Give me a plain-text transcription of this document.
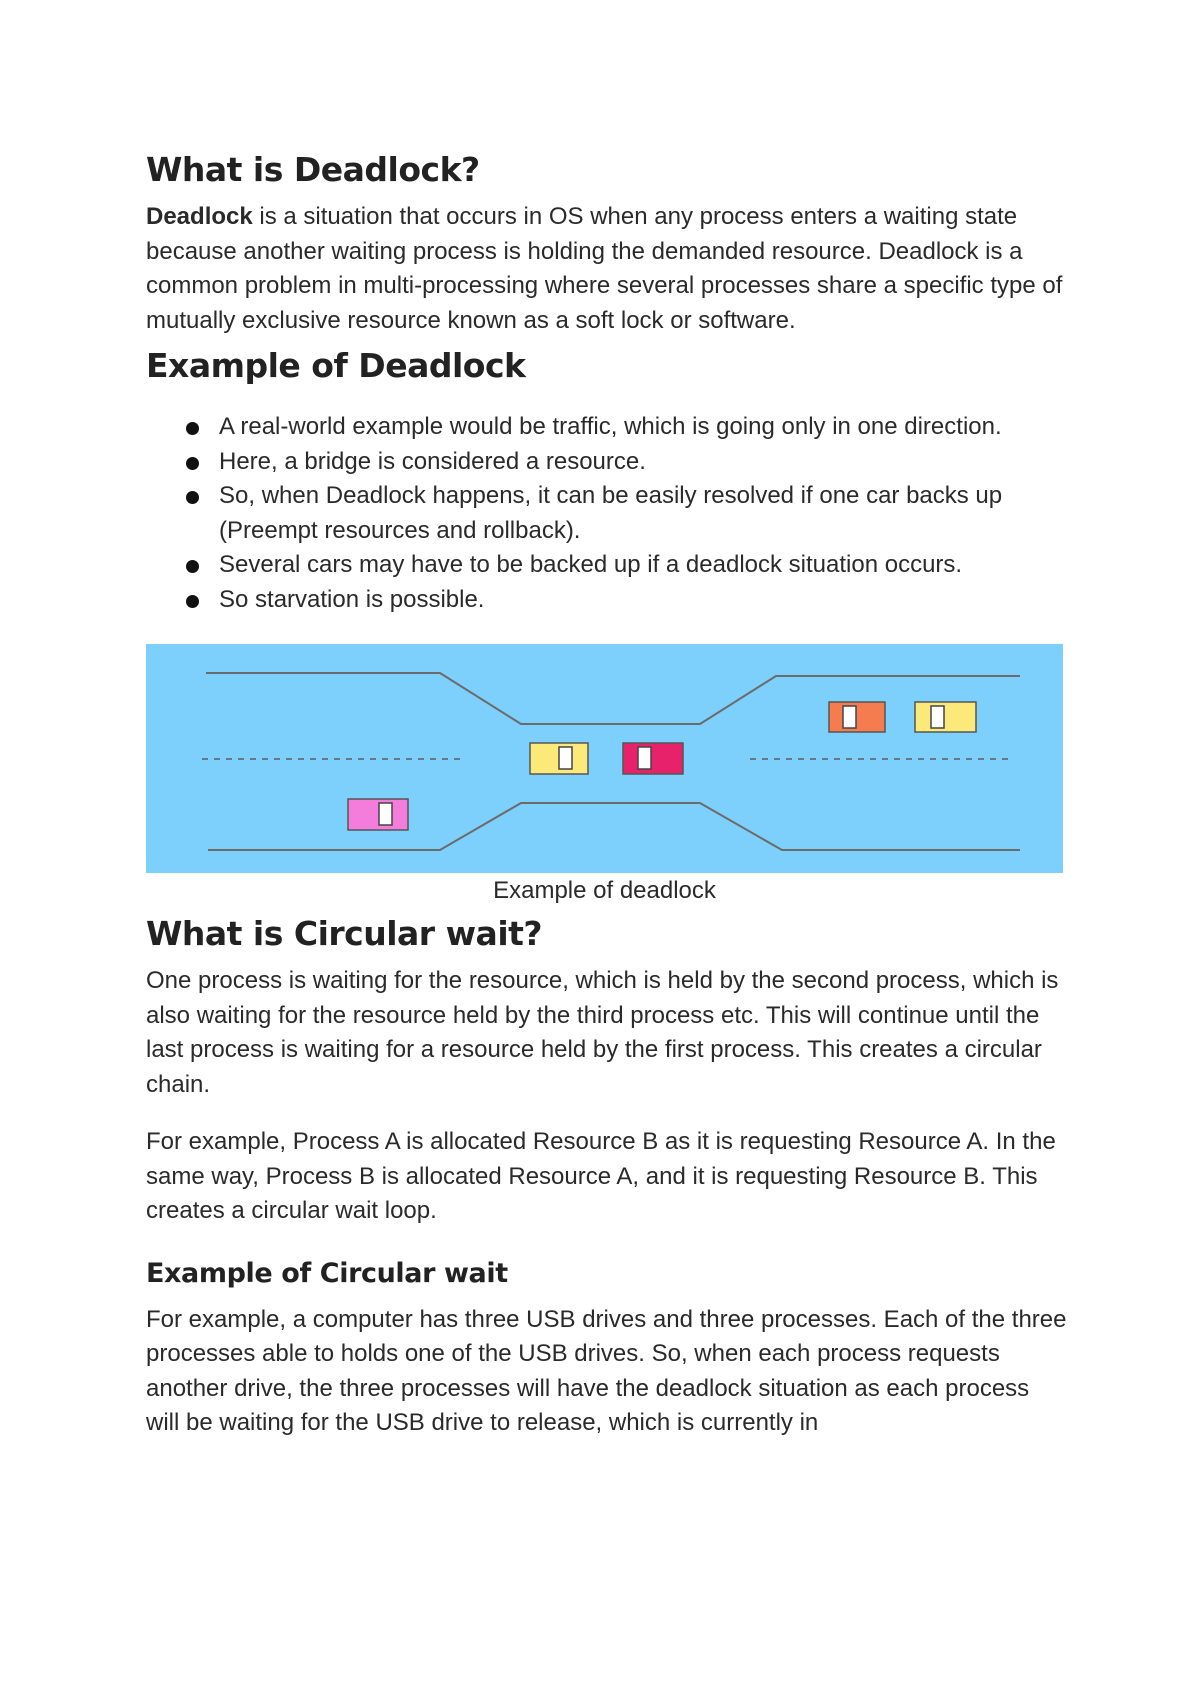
What is Deadlock?

Deadlock is a situation that occurs in OS when any process enters a waiting state because another waiting process is holding the demanded resource. Deadlock is a common problem in multi-processing where several processes share a specific type of mutually exclusive resource known as a soft lock or software.

Example of Deadlock
A real-world example would be traffic, which is going only in one direction.
Here, a bridge is considered a resource.
So, when Deadlock happens, it can be easily resolved if one car backs up (Preempt resources and rollback).
Several cars may have to be backed up if a deadlock situation occurs.
So starvation is possible.
Example of deadlock
What is Circular wait?

One process is waiting for the resource, which is held by the second process, which is also waiting for the resource held by the third process etc. This will continue until the last process is waiting for a resource held by the first process. This creates a circular chain.

For example, Process A is allocated Resource B as it is requesting Resource A. In the same way, Process B is allocated Resource A, and it is requesting Resource B. This creates a circular wait loop.

Example of Circular wait

For example, a computer has three USB drives and three processes. Each of the three processes able to holds one of the USB drives. So, when each process requests another drive, the three processes will have the deadlock situation as each process will be waiting for the USB drive to release, which is currently in
